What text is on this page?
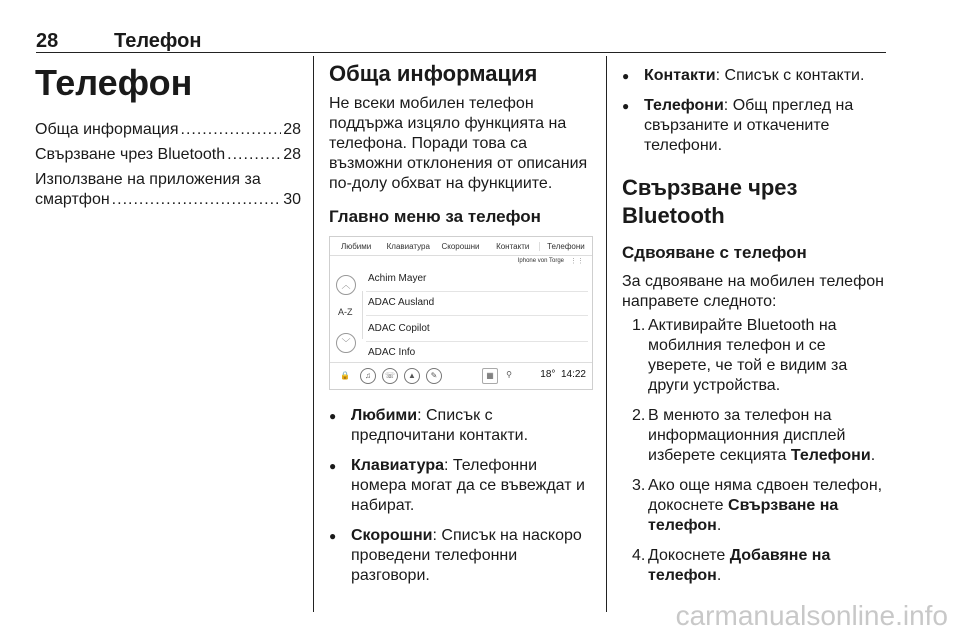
28	Телефон
Телефон
Обща информация .....	28
Свързване чрез Bluetooth .....	28
Използване на приложения за
смартфон .....	30
Обща информация

Не всеки мобилен телефон поддържа изцяло функцията на телефона. Поради това са възможни отклонения от описания по-долу обхват на функциите.

Главно меню за телефон
Любими	Клавиатура	Скорошни	Контакти	Телефони
Iphone von Torge ⋮⋮
︿
A-Z
﹀
Achim Mayer
ADAC Ausland
ADAC Copilot
ADAC Info
🔒	♫	☏	▲	✎	▦	⚲	18° 14:22
● Любими: Списък с предпочитани контакти.
● Клавиатура: Телефонни номера могат да се въвеждат и набират.
● Скорошни: Списък на наскоро проведени телефонни разговори.
● Контакти: Списък с контакти.
● Телефони: Общ преглед на свързаните и откачените телефони.
Свързване чрез Bluetooth
Сдвояване с телефон

За сдвояване на мобилен телефон направете следното:

1. Активирайте Bluetooth на мобилния телефон и се уверете, че той е видим за други устройства.
2. В менюто за телефон на информационния дисплей изберете секцията Телефони.
3. Ако още няма сдвоен телефон, докоснете Свързване на телефон.
4. Докоснете Добавяне на телефон.
carmanualsonline.info
